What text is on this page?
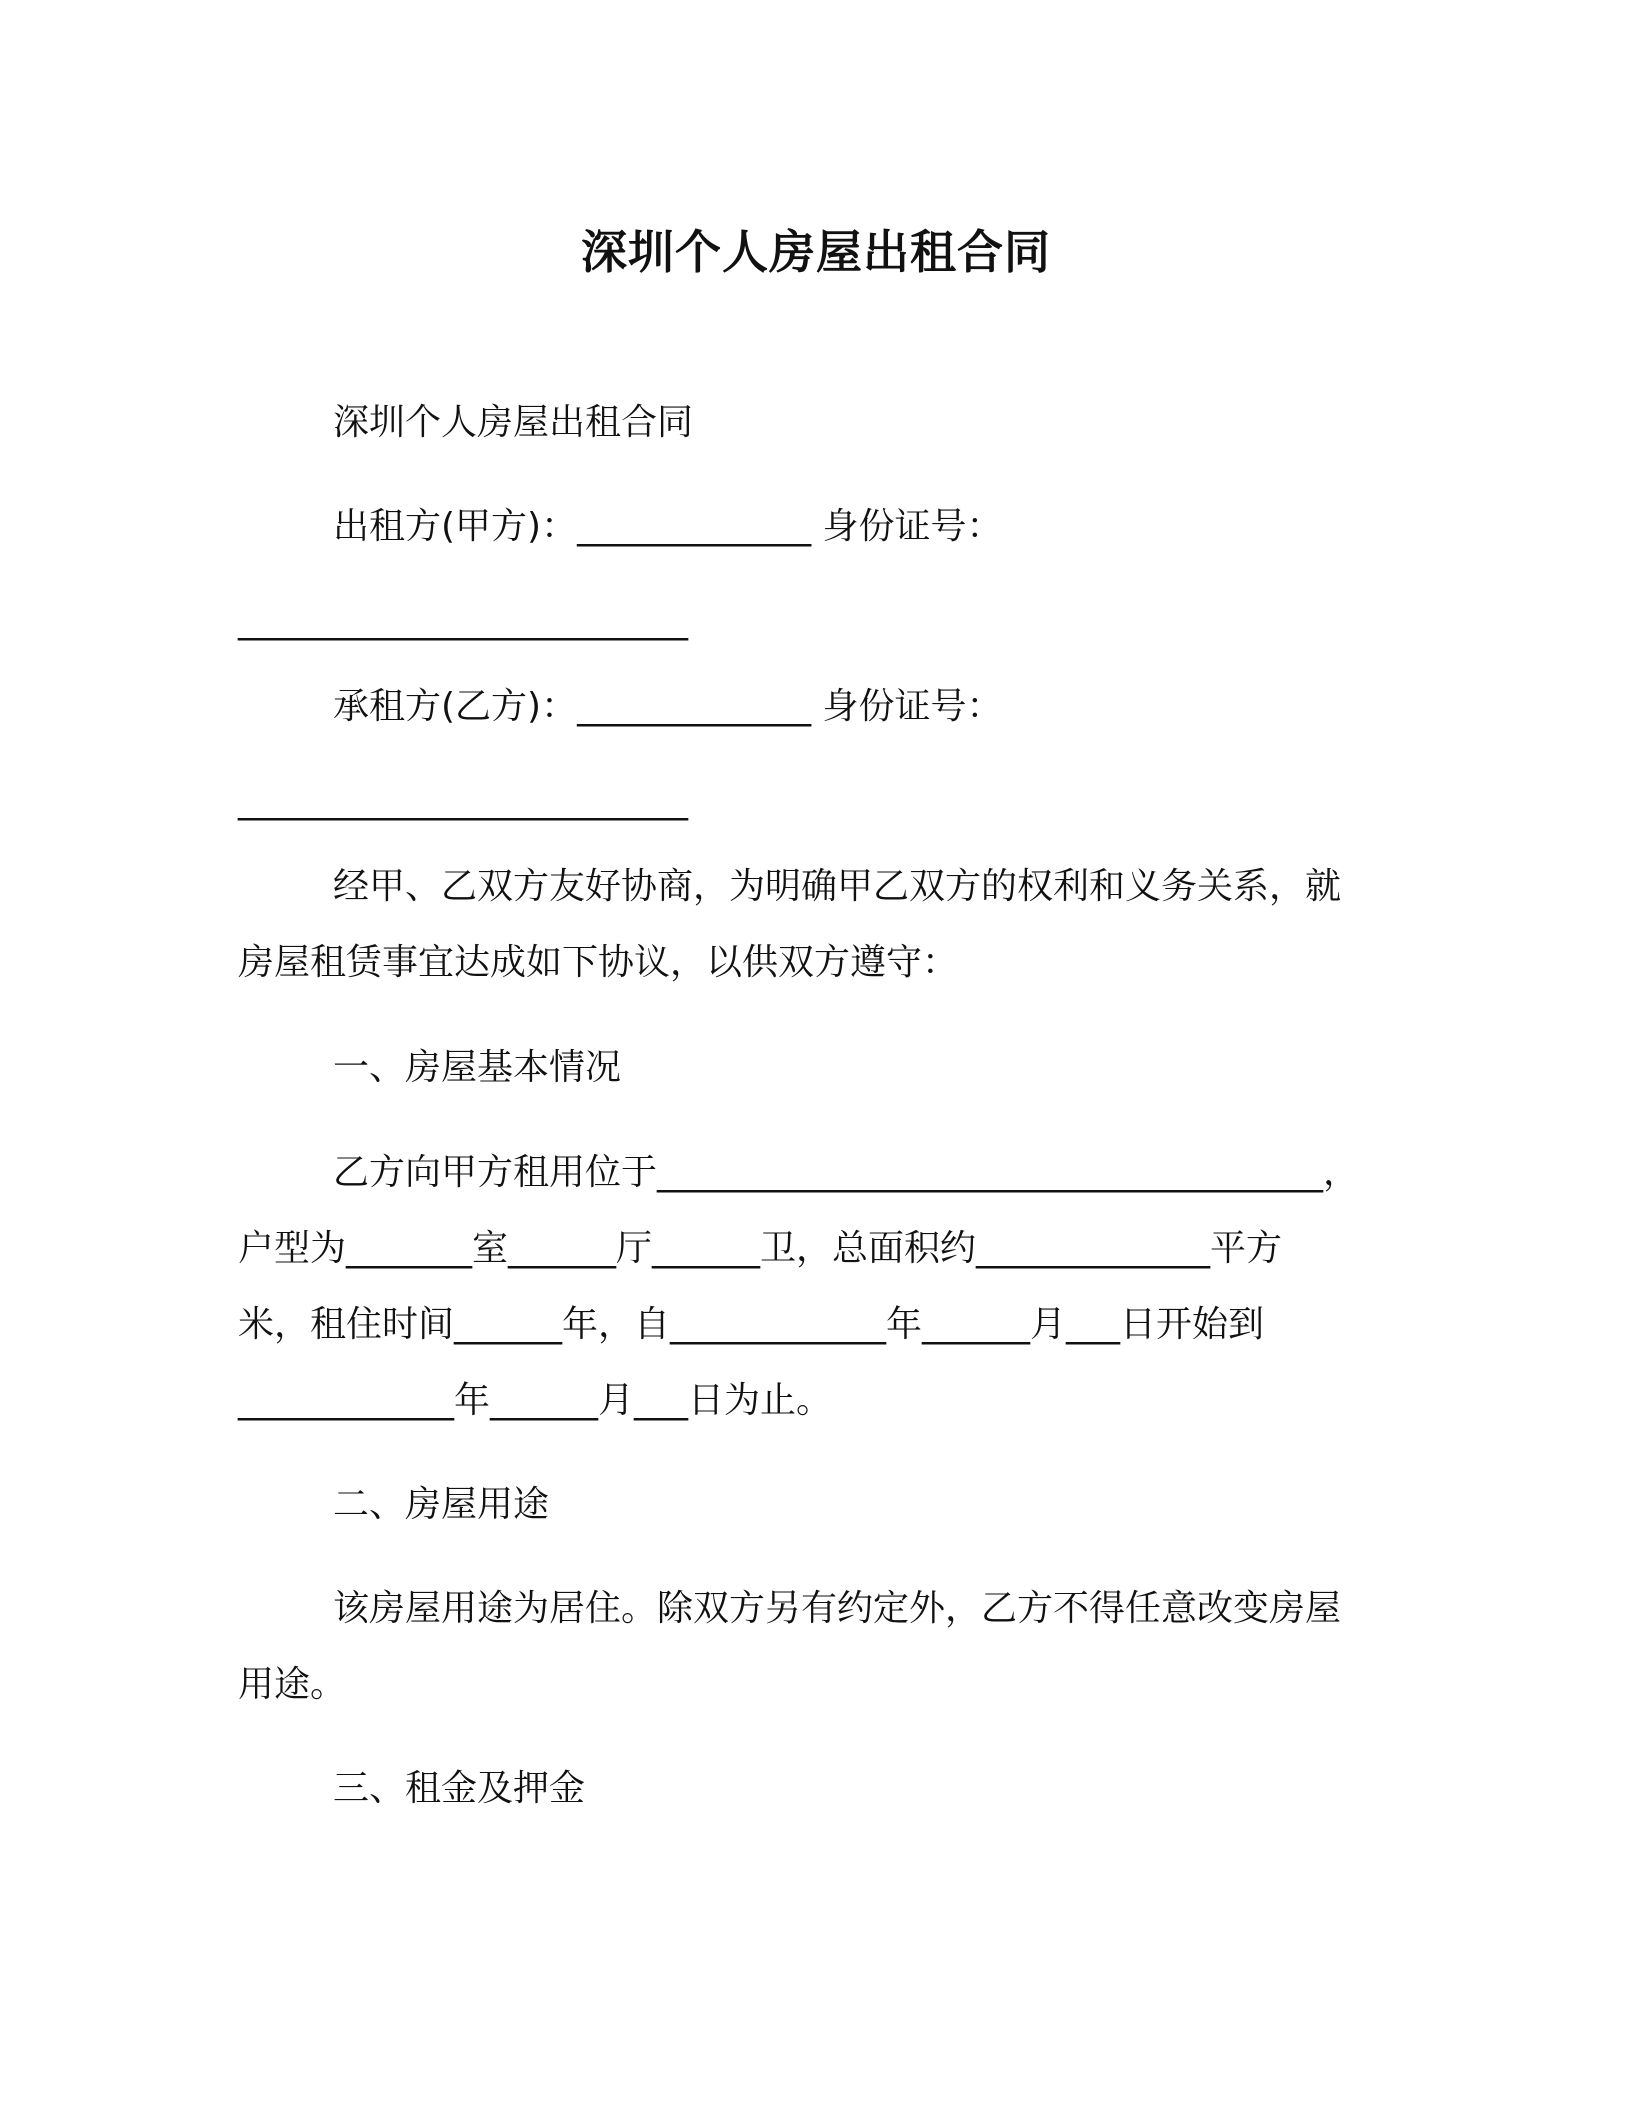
深圳个人房屋出租合同
深圳个人房屋出租合同
出租方(甲方)：_____________ 身份证号：
_________________________
承租方(乙方)：_____________ 身份证号：
_________________________
经甲、乙双方友好协商，为明确甲乙双方的权利和义务关系，就
房屋租赁事宜达成如下协议，以供双方遵守：
一、房屋基本情况
乙方向甲方租用位于_____________________________________，
户型为_______室______厅______卫，总面积约_____________平方
米，租住时间______年，自____________年______月___日开始到
____________年______月___日为止。
二、房屋用途
该房屋用途为居住。除双方另有约定外，乙方不得任意改变房屋
用途。
三、租金及押金
